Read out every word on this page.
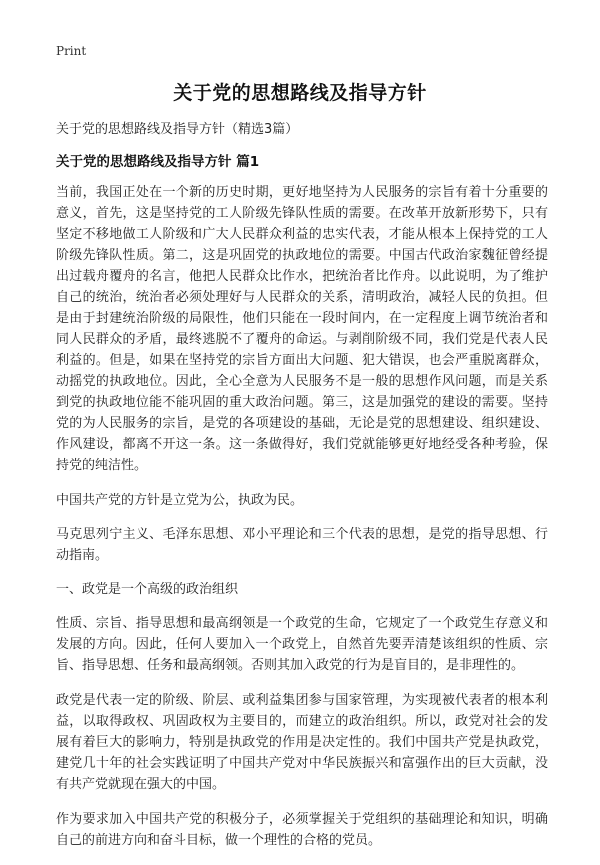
Print
关于党的思想路线及指导方针

关于党的思想路线及指导方针（精选3篇）

关于党的思想路线及指导方针 篇1

当前，我国正处在一个新的历史时期，更好地坚持为人民服务的宗旨有着十分重要的意义，首先，这是坚持党的工人阶级先锋队性质的需要。在改革开放新形势下，只有坚定不移地做工人阶级和广大人民群众利益的忠实代表，才能从根本上保持党的工人阶级先锋队性质。第二，这是巩固党的执政地位的需要。中国古代政治家魏征曾经提出过载舟覆舟的名言，他把人民群众比作水，把统治者比作舟。以此说明，为了维护自己的统治，统治者必须处理好与人民群众的关系，清明政治，减轻人民的负担。但是由于封建统治阶级的局限性，他们只能在一段时间内，在一定程度上调节统治者和同人民群众的矛盾，最终逃脱不了覆舟的命运。与剥削阶级不同，我们党是代表人民利益的。但是，如果在坚持党的宗旨方面出大问题、犯大错误，也会严重脱离群众，动摇党的执政地位。因此，全心全意为人民服务不是一般的思想作风问题，而是关系到党的执政地位能不能巩固的重大政治问题。第三，这是加强党的建设的需要。坚持党的为人民服务的宗旨，是党的各项建设的基础，无论是党的思想建设、组织建设、作风建设，都离不开这一条。这一条做得好，我们党就能够更好地经受各种考验，保持党的纯洁性。

中国共产党的方针是立党为公，执政为民。

马克思列宁主义、毛泽东思想、邓小平理论和三个代表的思想，是党的指导思想、行动指南。

一、政党是一个高级的政治组织

性质、宗旨、指导思想和最高纲领是一个政党的生命，它规定了一个政党生存意义和发展的方向。因此，任何人要加入一个政党上，自然首先要弄清楚该组织的性质、宗旨、指导思想、任务和最高纲领。否则其加入政党的行为是盲目的，是非理性的。

政党是代表一定的阶级、阶层、或利益集团参与国家管理，为实现被代表者的根本利益，以取得政权、巩固政权为主要目的，而建立的政治组织。所以，政党对社会的发展有着巨大的影响力，特别是执政党的作用是决定性的。我们中国共产党是执政党，建党几十年的社会实践证明了中国共产党对中华民族振兴和富强作出的巨大贡献，没有共产党就现在强大的中国。

作为要求加入中国共产党的积极分子，必须掌握关于党组织的基础理论和知识，明确自己的前进方向和奋斗目标，做一个理性的合格的党员。
